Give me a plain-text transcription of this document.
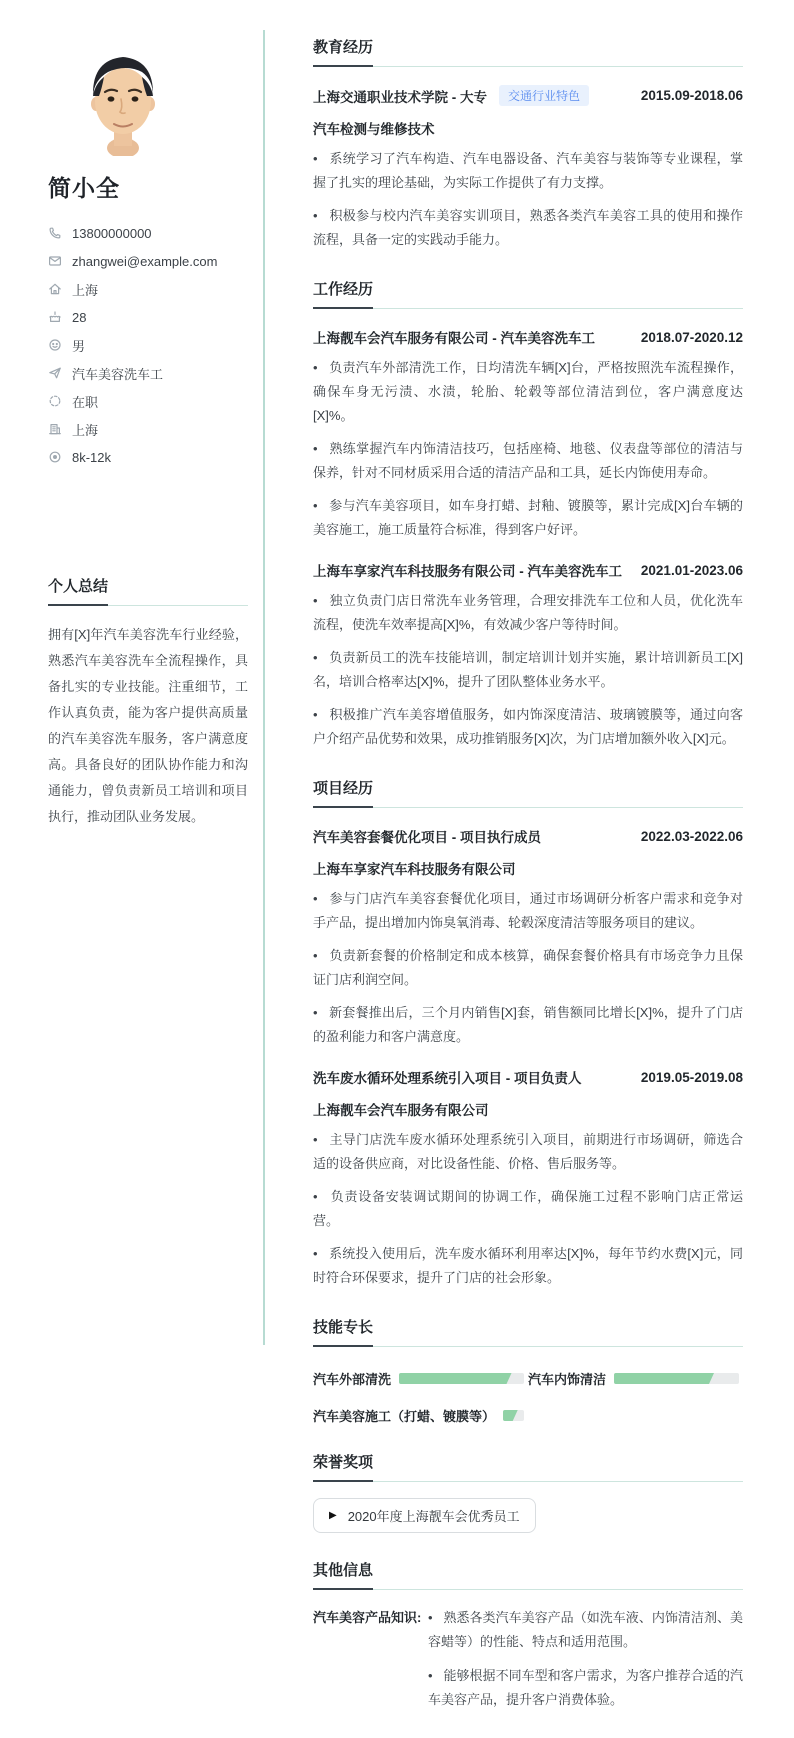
简小全
13800000000
zhangwei@example.com
上海
28
男
汽车美容洗车工
在职
上海
8k-12k
个人总结
拥有[X]年汽车美容洗车行业经验，熟悉汽车美容洗车全流程操作，具备扎实的专业技能。注重细节，工作认真负责，能为客户提供高质量的汽车美容洗车服务，客户满意度高。具备良好的团队协作能力和沟通能力，曾负责新员工培训和项目执行，推动团队业务发展。
教育经历
上海交通职业技术学院 - 大专	交通行业特色	2015.09-2018.06
汽车检测与维修技术

•   系统学习了汽车构造、汽车电器设备、汽车美容与装饰等专业课程，掌握了扎实的理论基础，为实际工作提供了有力支撑。

•   积极参与校内汽车美容实训项目，熟悉各类汽车美容工具的使用和操作流程，具备一定的实践动手能力。

工作经历
上海靓车会汽车服务有限公司 - 汽车美容洗车工	2018.07-2020.12

•   负责汽车外部清洗工作，日均清洗车辆[X]台，严格按照洗车流程操作，确保车身无污渍、水渍，轮胎、轮毂等部位清洁到位，客户满意度达[X]%。

•   熟练掌握汽车内饰清洁技巧，包括座椅、地毯、仪表盘等部位的清洁与保养，针对不同材质采用合适的清洁产品和工具，延长内饰使用寿命。

•   参与汽车美容项目，如车身打蜡、封釉、镀膜等，累计完成[X]台车辆的美容施工，施工质量符合标准，得到客户好评。

上海车享家汽车科技服务有限公司 - 汽车美容洗车工 2021.01-2023.06

•   独立负责门店日常洗车业务管理，合理安排洗车工位和人员，优化洗车流程，使洗车效率提高[X]%，有效减少客户等待时间。

•   负责新员工的洗车技能培训，制定培训计划并实施，累计培训新员工[X]名，培训合格率达[X]%，提升了团队整体业务水平。

•   积极推广汽车美容增值服务，如内饰深度清洁、玻璃镀膜等，通过向客户介绍产品优势和效果，成功推销服务[X]次，为门店增加额外收入[X]元。

项目经历
汽车美容套餐优化项目 - 项目执行成员	2022.03-2022.06
上海车享家汽车科技服务有限公司

•   参与门店汽车美容套餐优化项目，通过市场调研分析客户需求和竞争对手产品，提出增加内饰臭氧消毒、轮毂深度清洁等服务项目的建议。

•   负责新套餐的价格制定和成本核算，确保套餐价格具有市场竞争力且保证门店利润空间。

•   新套餐推出后，三个月内销售[X]套，销售额同比增长[X]%，提升了门店的盈利能力和客户满意度。

洗车废水循环处理系统引入项目 - 项目负责人	2019.05-2019.08
上海靓车会汽车服务有限公司

•   主导门店洗车废水循环处理系统引入项目，前期进行市场调研，筛选合适的设备供应商，对比设备性能、价格、售后服务等。

•   负责设备安装调试期间的协调工作，确保施工过程不影响门店正常运营。

•   系统投入使用后，洗车废水循环利用率达[X]%，每年节约水费[X]元，同时符合环保要求，提升了门店的社会形象。

技能专长
汽车外部清洗	汽车内饰清洁
汽车美容施工（打蜡、镀膜等）
荣誉奖项
▶ 2020年度上海靓车会优秀员工
其他信息
汽车美容产品知识:	•   熟悉各类汽车美容产品（如洗车液、内饰清洁剂、美容蜡等）的性能、特点和适用范围。

•   能够根据不同车型和客户需求，为客户推荐合适的汽车美容产品，提升客户消费体验。
